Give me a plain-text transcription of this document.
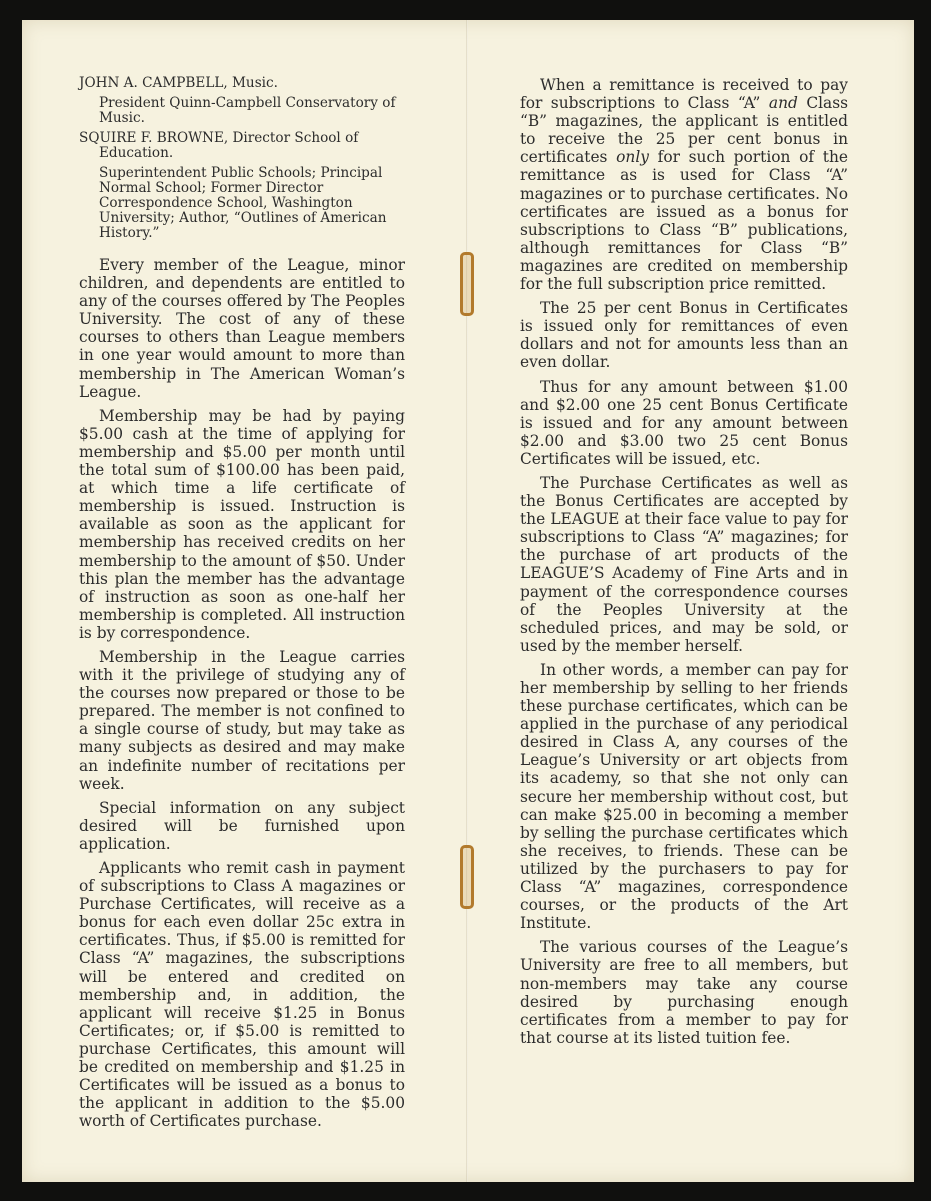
JOHN A. CAMPBELL, Music.

President Quinn-Campbell Conservatory of Music.

SQUIRE F. BROWNE, Director School of Education.

Superintendent Public Schools; Principal Normal School; Former Director Correspondence School, Washington University; Author, “Outlines of American History.”

Every member of the League, minor children, and dependents are entitled to any of the courses offered by The Peoples University. The cost of any of these courses to others than League members in one year would amount to more than membership in The American Woman’s League.

Membership may be had by paying $5.00 cash at the time of applying for membership and $5.00 per month until the total sum of $100.00 has been paid, at which time a life certificate of membership is issued. Instruction is available as soon as the applicant for membership has received credits on her membership to the amount of $50. Under this plan the member has the advantage of instruction as soon as one-half her membership is completed. All instruction is by correspondence.

Membership in the League carries with it the privilege of studying any of the courses now prepared or those to be prepared. The member is not confined to a single course of study, but may take as many subjects as desired and may make an indefinite number of recitations per week.

Special information on any subject desired will be furnished upon application.

Applicants who remit cash in payment of subscriptions to Class A magazines or Purchase Certificates, will receive as a bonus for each even dollar 25c extra in certificates. Thus, if $5.00 is remitted for Class “A” magazines, the subscriptions will be entered and credited on membership and, in addition, the applicant will receive $1.25 in Bonus Certificates; or, if $5.00 is remitted to purchase Certificates, this amount will be credited on membership and $1.25 in Certificates will be issued as a bonus to the applicant in addition to the $5.00 worth of Certificates purchase.

When a remittance is received to pay for subscriptions to Class “A” and Class “B” magazines, the applicant is entitled to receive the 25 per cent bonus in certificates only for such portion of the remittance as is used for Class “A” magazines or to purchase certificates. No certificates are issued as a bonus for subscriptions to Class “B” publications, although remittances for Class “B” magazines are credited on membership for the full subscription price remitted.

The 25 per cent Bonus in Certificates is issued only for remittances of even dollars and not for amounts less than an even dollar.

Thus for any amount between $1.00 and $2.00 one 25 cent Bonus Certificate is issued and for any amount between $2.00 and $3.00 two 25 cent Bonus Certificates will be issued, etc.

The Purchase Certificates as well as the Bonus Certificates are accepted by the LEAGUE at their face value to pay for subscriptions to Class “A” magazines; for the purchase of art products of the LEAGUE’S Academy of Fine Arts and in payment of the correspondence courses of the Peoples University at the scheduled prices, and may be sold, or used by the member herself.

In other words, a member can pay for her membership by selling to her friends these purchase certificates, which can be applied in the purchase of any periodical desired in Class A, any courses of the League’s University or art objects from its academy, so that she not only can secure her membership without cost, but can make $25.00 in becoming a member by selling the purchase certificates which she receives, to friends. These can be utilized by the purchasers to pay for Class “A” magazines, correspondence courses, or the products of the Art Institute.

The various courses of the League’s University are free to all members, but non-members may take any course desired by purchasing enough certificates from a member to pay for that course at its listed tuition fee.
